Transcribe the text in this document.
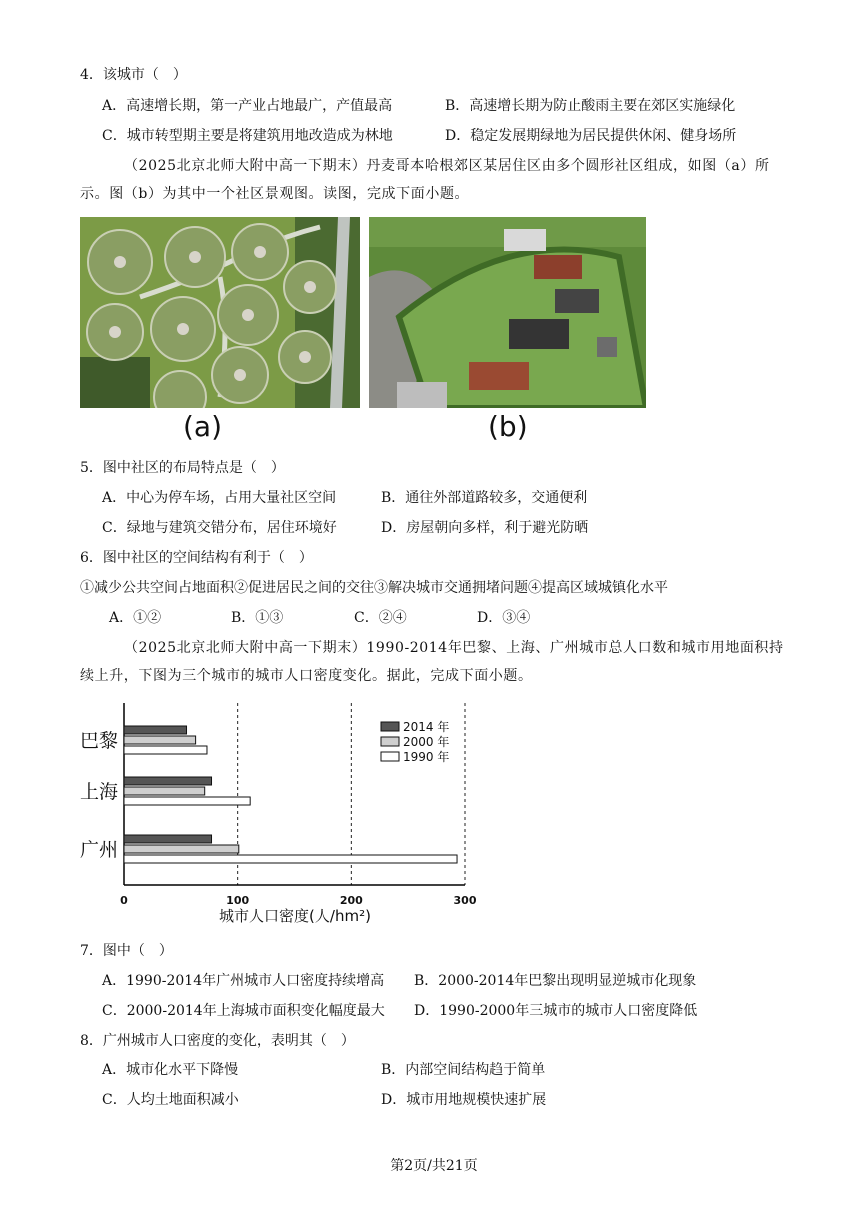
4．该城市（　）
A．高速增长期，第一产业占地最广，产值最高	B．高速增长期为防止酸雨主要在郊区实施绿化
C．城市转型期主要是将建筑用地改造成为林地	D．稳定发展期绿地为居民提供休闲、健身场所
（2025北京北师大附中高一下期末）丹麦哥本哈根郊区某居住区由多个圆形社区组成，如图（a）所示。图（b）为其中一个社区景观图。读图，完成下面小题。
(a)	(b)
5．图中社区的布局特点是（　）
A．中心为停车场，占用大量社区空间	B．通往外部道路较多，交通便利
C．绿地与建筑交错分布，居住环境好	D．房屋朝向多样，利于避光防晒
6．图中社区的空间结构有利于（　）
①减少公共空间占地面积②促进居民之间的交往③解决城市交通拥堵问题④提高区域城镇化水平
A．①②	B．①③	C．②④	D．③④
（2025北京北师大附中高一下期末）1990-2014年巴黎、上海、广州城市总人口数和城市用地面积持续上升，下图为三个城市的城市人口密度变化。据此，完成下面小题。
巴黎
上海
广州
0	100	200	300
2014 年
2000 年
1990 年
城市人口密度(人/hm²)
7．图中（　）
A．1990-2014年广州城市人口密度持续增高 B．2000-2014年巴黎出现明显逆城市化现象
C．2000-2014年上海城市面积变化幅度最大 D．1990-2000年三城市的城市人口密度降低
8．广州城市人口密度的变化，表明其（　）
A．城市化水平下降慢	B．内部空间结构趋于简单
C．人均土地面积减小	D．城市用地规模快速扩展
第2页/共21页
